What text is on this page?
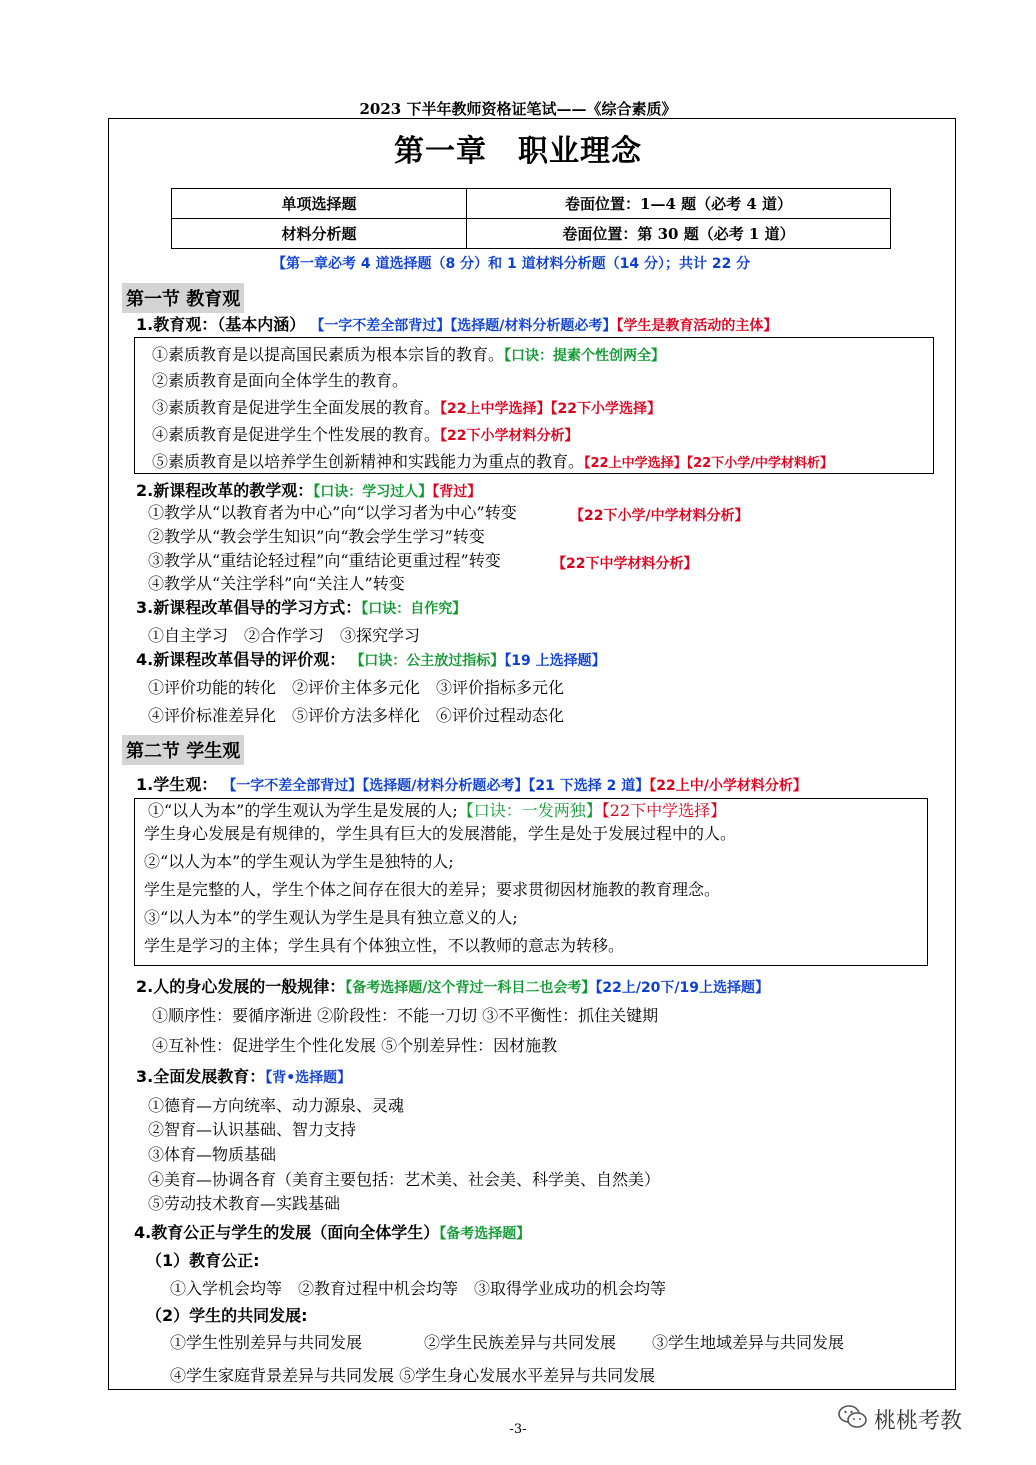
2023 下半年教师资格证笔试——《综合素质》
第一章　职业理念
单项选择题	卷面位置：1—4 题（必考 4 道）
材料分析题	卷面位置：第 30 题（必考 1 道）
【第一章必考 4 道选择题（8 分）和 1 道材料分析题（14 分）；共计 22 分
第一节 教育观
1.教育观：（基本内涵） 【一字不差全部背过】【选择题/材料分析题必考】【学生是教育活动的主体】
①素质教育是以提高国民素质为根本宗旨的教育。【口诀：提素个性创两全】
②素质教育是面向全体学生的教育。
③素质教育是促进学生全面发展的教育。【22上中学选择】【22下小学选择】
④素质教育是促进学生个性发展的教育。【22下小学材料分析】
⑤素质教育是以培养学生创新精神和实践能力为重点的教育。【22上中学选择】【22下小学/中学材料析】
2.新课程改革的教学观：【口诀：学习过人】【背过】
①教学从“以教育者为中心”向“以学习者为中心”转变	【22下小学/中学材料分析】
②教学从“教会学生知识”向“教会学生学习”转变
③教学从“重结论轻过程”向“重结论更重过程”转变	【22下中学材料分析】
④教学从“关注学科”向“关注人”转变
3.新课程改革倡导的学习方式：【口诀：自作究】
①自主学习　②合作学习　③探究学习
4.新课程改革倡导的评价观： 【口诀：公主放过指标】【19 上选择题】
①评价功能的转化　②评价主体多元化　③评价指标多元化
④评价标准差异化　⑤评价方法多样化　⑥评价过程动态化
第二节 学生观
1.学生观： 【一字不差全部背过】【选择题/材料分析题必考】【21 下选择 2 道】【22上中/小学材料分析】
①“以人为本”的学生观认为学生是发展的人;【口诀：一发两独】【22下中学选择】
学生身心发展是有规律的，学生具有巨大的发展潜能，学生是处于发展过程中的人。
②“以人为本”的学生观认为学生是独特的人;
学生是完整的人，学生个体之间存在很大的差异；要求贯彻因材施教的教育理念。
③“以人为本”的学生观认为学生是具有独立意义的人;
学生是学习的主体；学生具有个体独立性，不以教师的意志为转移。
2.人的身心发展的一般规律：【备考选择题/这个背过一科目二也会考】【22上/20下/19上选择题】
①顺序性：要循序渐进 ②阶段性：不能一刀切 ③不平衡性：抓住关键期
④互补性：促进学生个性化发展 ⑤个别差异性：因材施教
3.全面发展教育：【背•选择题】
①德育—方向统率、动力源泉、灵魂
②智育—认识基础、智力支持
③体育—物质基础
④美育—协调各育（美育主要包括：艺术美、社会美、科学美、自然美）
⑤劳动技术教育—实践基础
4.教育公正与学生的发展（面向全体学生）【备考选择题】
（1）教育公正:
①入学机会均等　②教育过程中机会均等　③取得学业成功的机会均等
（2）学生的共同发展:
①学生性别差异与共同发展	②学生民族差异与共同发展 ③学生地域差异与共同发展
④学生家庭背景差异与共同发展 ⑤学生身心发展水平差异与共同发展
-3-	桃桃考教
